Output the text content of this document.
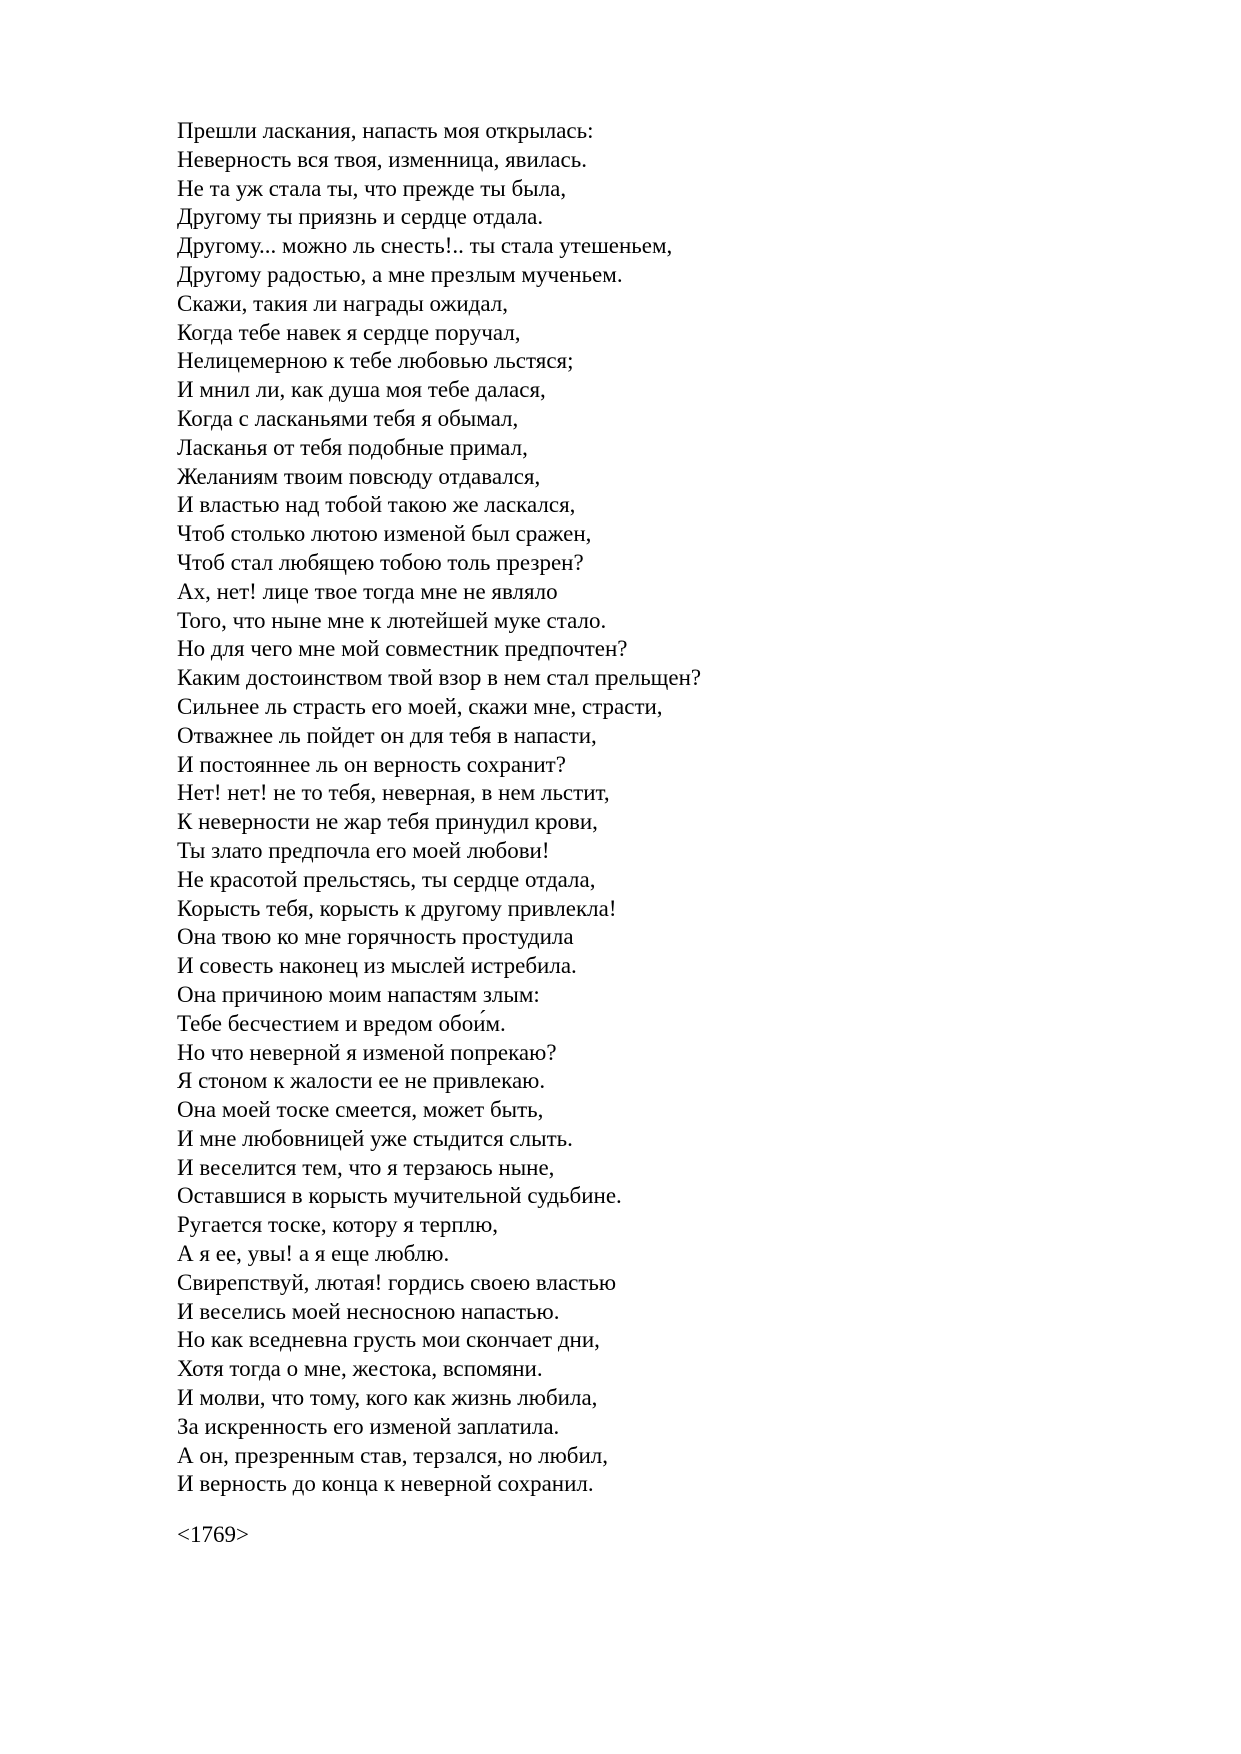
Прешли ласкания, напасть моя открылась:
Неверность вся твоя, изменница, явилась.
Не та уж стала ты, что прежде ты была,
Другому ты приязнь и сердце отдала.
Другому... можно ль снесть!.. ты стала утешеньем,
Другому радостью, а мне презлым мученьем.
Скажи, такия ли награды ожидал,
Когда тебе навек я сердце поручал,
Нелицемерною к тебе любовью льстяся;
И мнил ли, как душа моя тебе далася,
Когда с ласканьями тебя я обымал,
Ласканья от тебя подобные примал,
Желаниям твоим повсюду отдавался,
И властью над тобой такою же ласкался,
Чтоб столько лютою изменой был сражен,
Чтоб стал любящею тобою толь презрен?
Ах, нет! лице твое тогда мне не являло
Того, что ныне мне к лютейшей муке стало.
Но для чего мне мой совместник предпочтен?
Каким достоинством твой взор в нем стал прельщен?
Сильнее ль страсть его моей, скажи мне, страсти,
Отважнее ль пойдет он для тебя в напасти,
И постояннее ль он верность сохранит?
Нет! нет! не то тебя, неверная, в нем льстит,
К неверности не жар тебя принудил крови,
Ты злато предпочла его моей любови!
Не красотой прельстясь, ты сердце отдала,
Корысть тебя, корысть к другому привлекла!
Она твою ко мне горячность простудила
И совесть наконец из мыслей истребила.
Она причиною моим напастям злым:
Тебе бесчестием и вредом обои́м.
Но что неверной я изменой попрекаю?
Я стоном к жалости ее не привлекаю.
Она моей тоске смеется, может быть,
И мне любовницей уже стыдится слыть.
И веселится тем, что я терзаюсь ныне,
Оставшися в корысть мучительной судьбине.
Ругается тоске, котору я терплю,
А я ее, увы! а я еще люблю.
Свирепствуй, лютая! гордись своею властью
И веселись моей несносною напастью.
Но как вседневна грусть мои скончает дни,
Хотя тогда о мне, жестока, вспомяни.
И молви, что тому, кого как жизнь любила,
За искренность его изменой заплатила.
А он, презренным став, терзался, но любил,
И верность до конца к неверной сохранил.

<1769>
